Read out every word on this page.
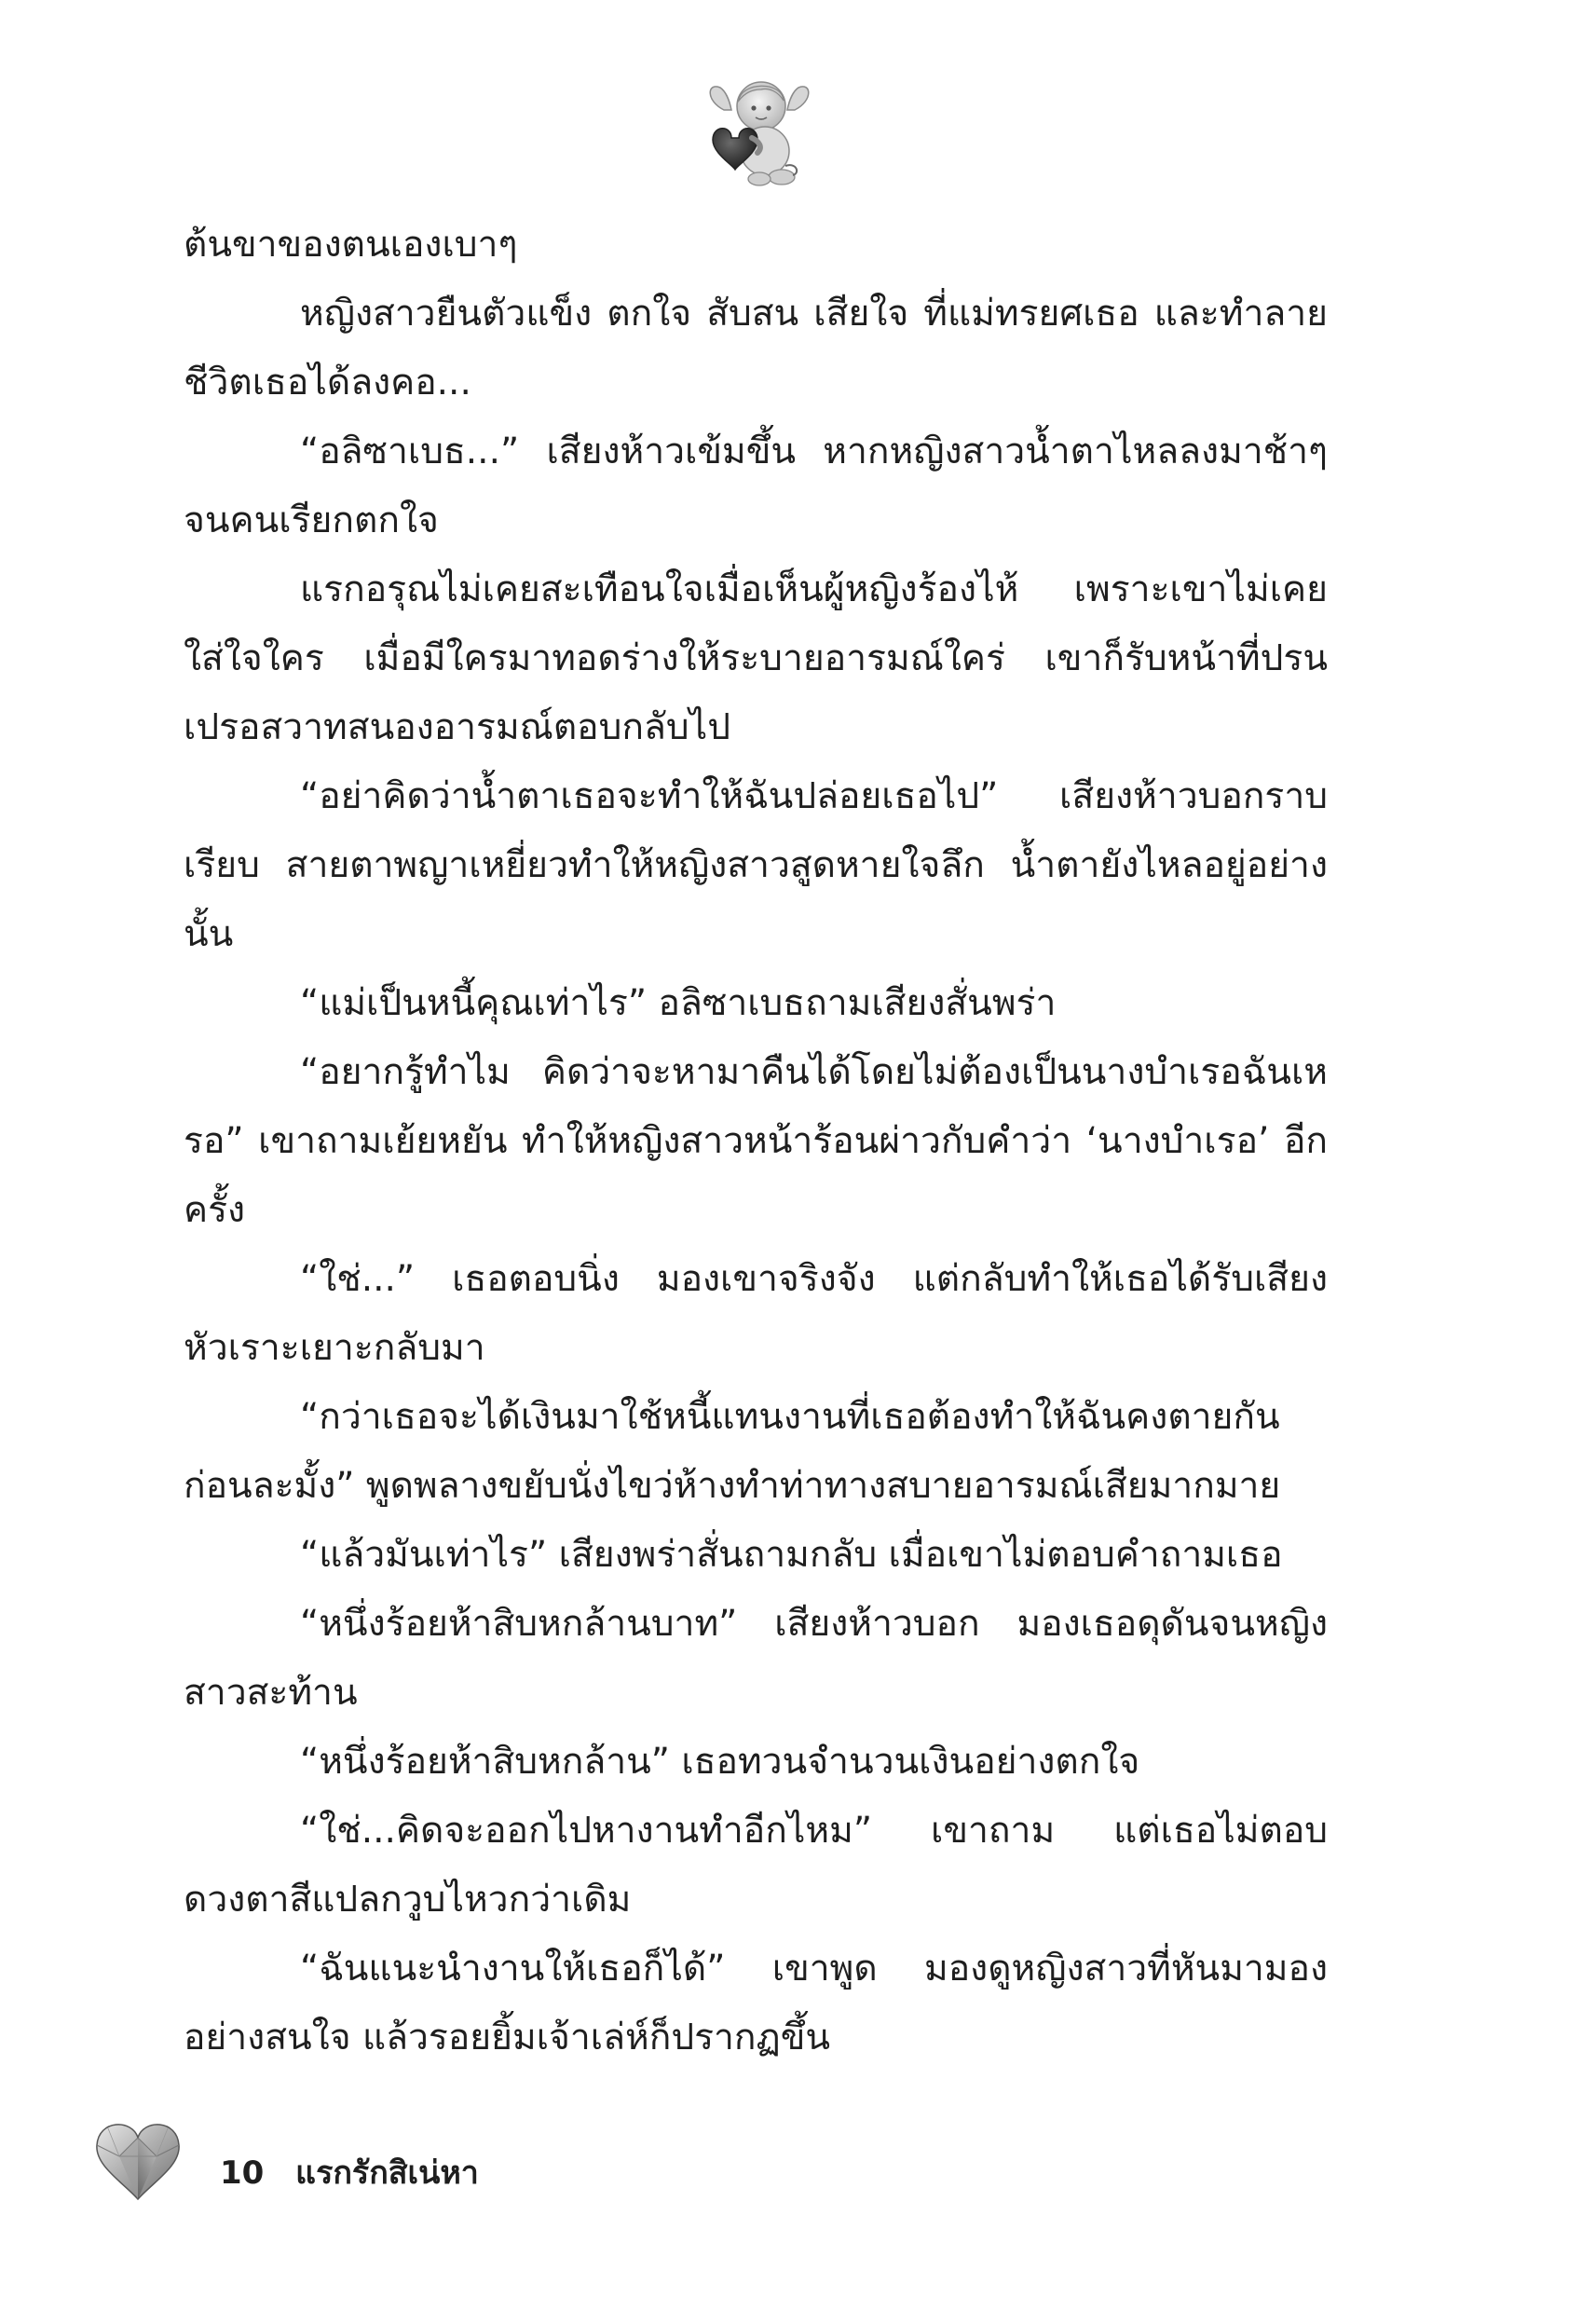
ต้นขาของตนเองเบาๆ

หญิงสาวยืนตัวแข็ง ตกใจ สับสน เสียใจ ที่แม่ทรยศเธอ และทำลายชีวิตเธอได้ลงคอ...

“อลิซาเบธ...” เสียงห้าวเข้มขึ้น หากหญิงสาวน้ำตาไหลลงมาช้าๆ จนคนเรียกตกใจ

แรกอรุณไม่เคยสะเทือนใจเมื่อเห็นผู้หญิงร้องไห้ เพราะเขาไม่เคยใส่ใจใคร เมื่อมีใครมาทอดร่างให้ระบายอารมณ์ใคร่ เขาก็รับหน้าที่ปรนเปรอสวาทสนองอารมณ์ตอบกลับไป

“อย่าคิดว่าน้ำตาเธอจะทำให้ฉันปล่อยเธอไป” เสียงห้าวบอกราบเรียบ สายตาพญาเหยี่ยวทำให้หญิงสาวสูดหายใจลึก น้ำตายังไหลอยู่อย่างนั้น

“แม่เป็นหนี้คุณเท่าไร” อลิซาเบธถามเสียงสั่นพร่า

“อยากรู้ทำไม คิดว่าจะหามาคืนได้โดยไม่ต้องเป็นนางบำเรอฉันเหรอ” เขาถามเย้ยหยัน ทำให้หญิงสาวหน้าร้อนผ่าวกับคำว่า ‘นางบำเรอ’ อีกครั้ง

“ใช่...” เธอตอบนิ่ง มองเขาจริงจัง แต่กลับทำให้เธอได้รับเสียงหัวเราะเยาะกลับมา

“กว่าเธอจะได้เงินมาใช้หนี้แทนงานที่เธอต้องทำให้ฉันคงตายกันก่อนละมั้ง” พูดพลางขยับนั่งไขว่ห้างทำท่าทางสบายอารมณ์เสียมากมาย

“แล้วมันเท่าไร” เสียงพร่าสั่นถามกลับ เมื่อเขาไม่ตอบคำถามเธอ

“หนึ่งร้อยห้าสิบหกล้านบาท” เสียงห้าวบอก มองเธอดุดันจนหญิงสาวสะท้าน

“หนึ่งร้อยห้าสิบหกล้าน” เธอทวนจำนวนเงินอย่างตกใจ

“ใช่...คิดจะออกไปหางานทำอีกไหม” เขาถาม แต่เธอไม่ตอบดวงตาสีแปลกวูบไหวกว่าเดิม

“ฉันแนะนำงานให้เธอก็ได้” เขาพูด มองดูหญิงสาวที่หันมามองอย่างสนใจ แล้วรอยยิ้มเจ้าเล่ห์ก็ปรากฏขึ้น

10 แรกรักสิเน่หา
